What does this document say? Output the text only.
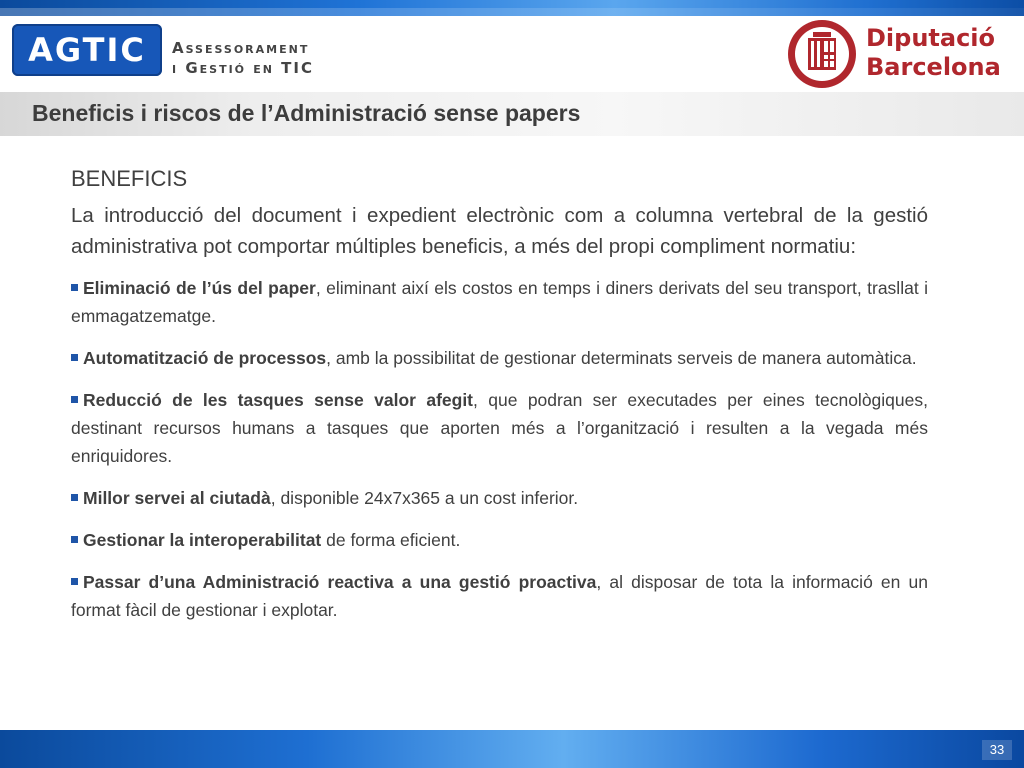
AGTIC Assessorament
i Gestió en TIC
Diputació
Barcelona
Beneficis i riscos de l’Administració sense papers
BENEFICIS
La introducció del document i expedient electrònic com a columna vertebral de la gestió administrativa pot comportar múltiples beneficis, a més del propi compliment normatiu:
Eliminació de l’ús del paper, eliminant així els costos en temps i diners derivats del seu transport, trasllat i emmagatzematge.
Automatització de processos, amb la possibilitat de gestionar determinats serveis de manera automàtica.
Reducció de les tasques sense valor afegit, que podran ser executades per eines tecnològiques, destinant recursos humans a tasques que aporten més a l’organització i resulten a la vegada més enriquidores.
Millor servei al ciutadà, disponible 24x7x365 a un cost inferior.
Gestionar la interoperabilitat de forma eficient.
Passar d’una Administració reactiva a una gestió proactiva, al disposar de tota la informació en un format fàcil de gestionar i explotar.
33
